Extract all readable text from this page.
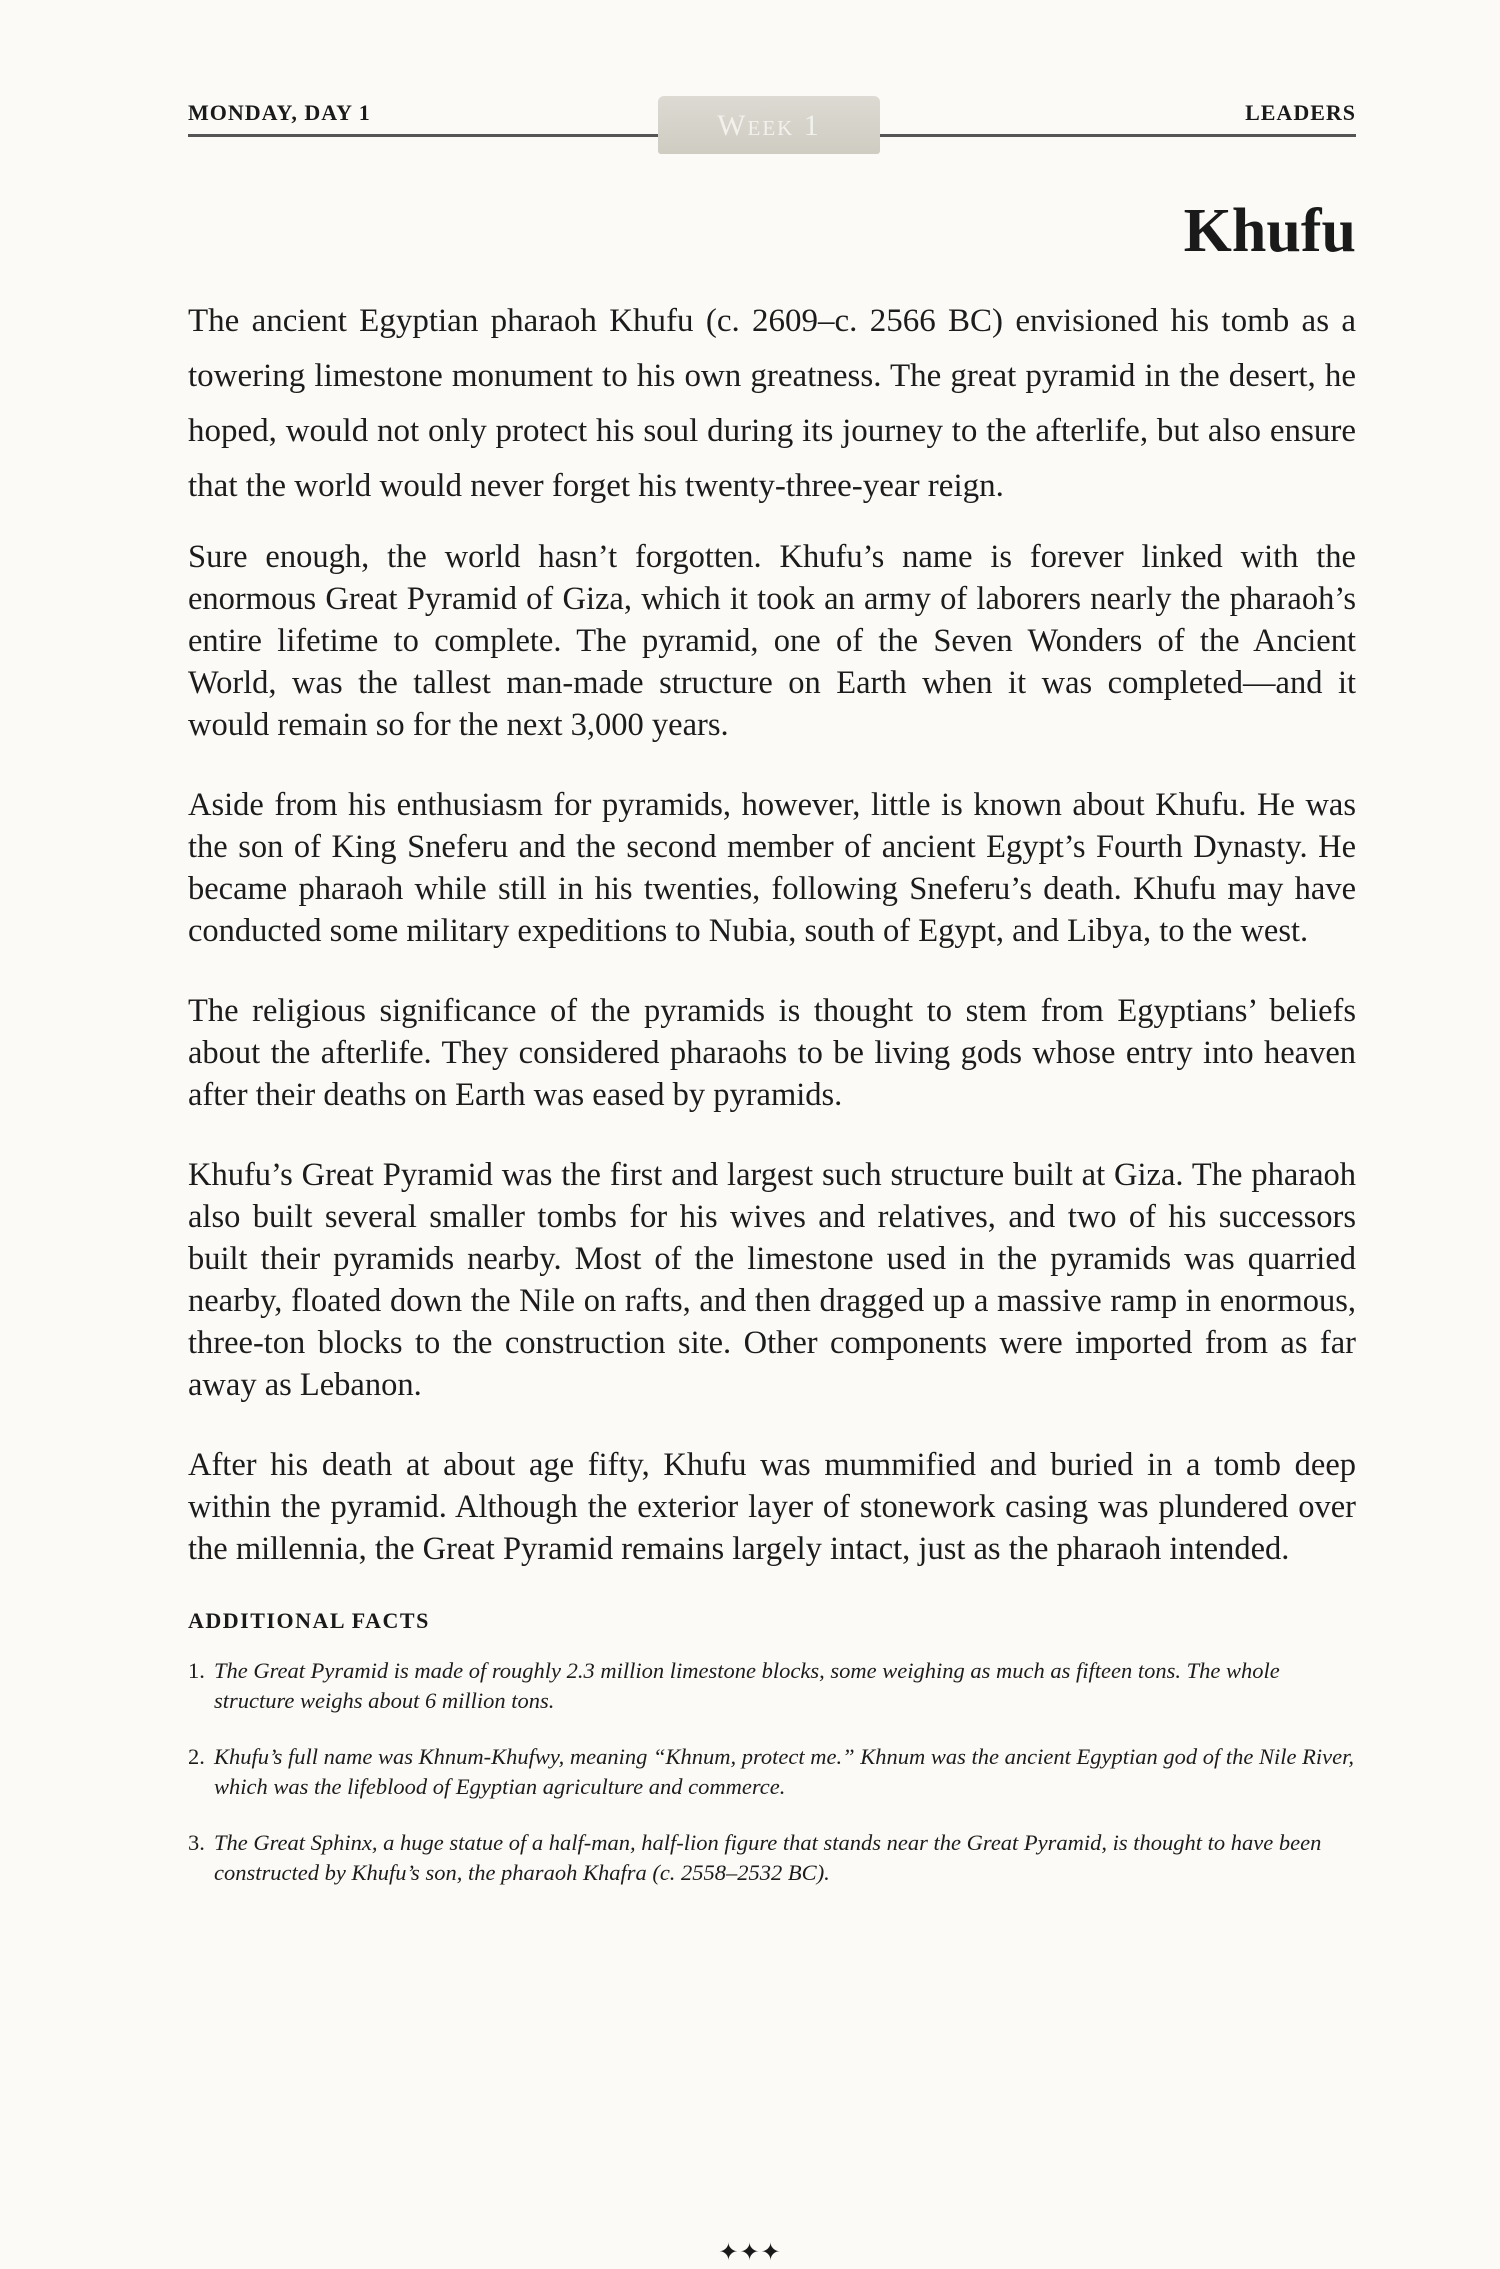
MONDAY, DAY 1	Week 1	LEADERS
Khufu

The ancient Egyptian pharaoh Khufu (c. 2609–c. 2566 BC) envisioned his tomb as a towering limestone monument to his own greatness. The great pyramid in the desert, he hoped, would not only protect his soul during its journey to the afterlife, but also ensure that the world would never forget his twenty-three-year reign.

Sure enough, the world hasn’t forgotten. Khufu’s name is forever linked with the enormous Great Pyramid of Giza, which it took an army of laborers nearly the pharaoh’s entire lifetime to complete. The pyramid, one of the Seven Wonders of the Ancient World, was the tallest man-made structure on Earth when it was completed—and it would remain so for the next 3,000 years.

Aside from his enthusiasm for pyramids, however, little is known about Khufu. He was the son of King Sneferu and the second member of ancient Egypt’s Fourth Dynasty. He became pharaoh while still in his twenties, following Sneferu’s death. Khufu may have conducted some military expeditions to Nubia, south of Egypt, and Libya, to the west.

The religious significance of the pyramids is thought to stem from Egyptians’ beliefs about the afterlife. They considered pharaohs to be living gods whose entry into heaven after their deaths on Earth was eased by pyramids.

Khufu’s Great Pyramid was the first and largest such structure built at Giza. The pharaoh also built several smaller tombs for his wives and relatives, and two of his successors built their pyramids nearby. Most of the limestone used in the pyramids was quarried nearby, floated down the Nile on rafts, and then dragged up a massive ramp in enormous, three-ton blocks to the construction site. Other components were imported from as far away as Lebanon.

After his death at about age fifty, Khufu was mummified and buried in a tomb deep within the pyramid. Although the exterior layer of stonework casing was plundered over the millennia, the Great Pyramid remains largely intact, just as the pharaoh intended.

ADDITIONAL FACTS
1. The Great Pyramid is made of roughly 2.3 million limestone blocks, some weighing as much as fifteen tons. The whole structure weighs about 6 million tons.
2. Khufu’s full name was Khnum-Khufwy, meaning “Khnum, protect me.” Khnum was the ancient Egyptian god of the Nile River, which was the lifeblood of Egyptian agriculture and commerce.
3. The Great Sphinx, a huge statue of a half-man, half-lion figure that stands near the Great Pyramid, is thought to have been constructed by Khufu’s son, the pharaoh Khafra (c. 2558–2532 BC).
✦✦✦
